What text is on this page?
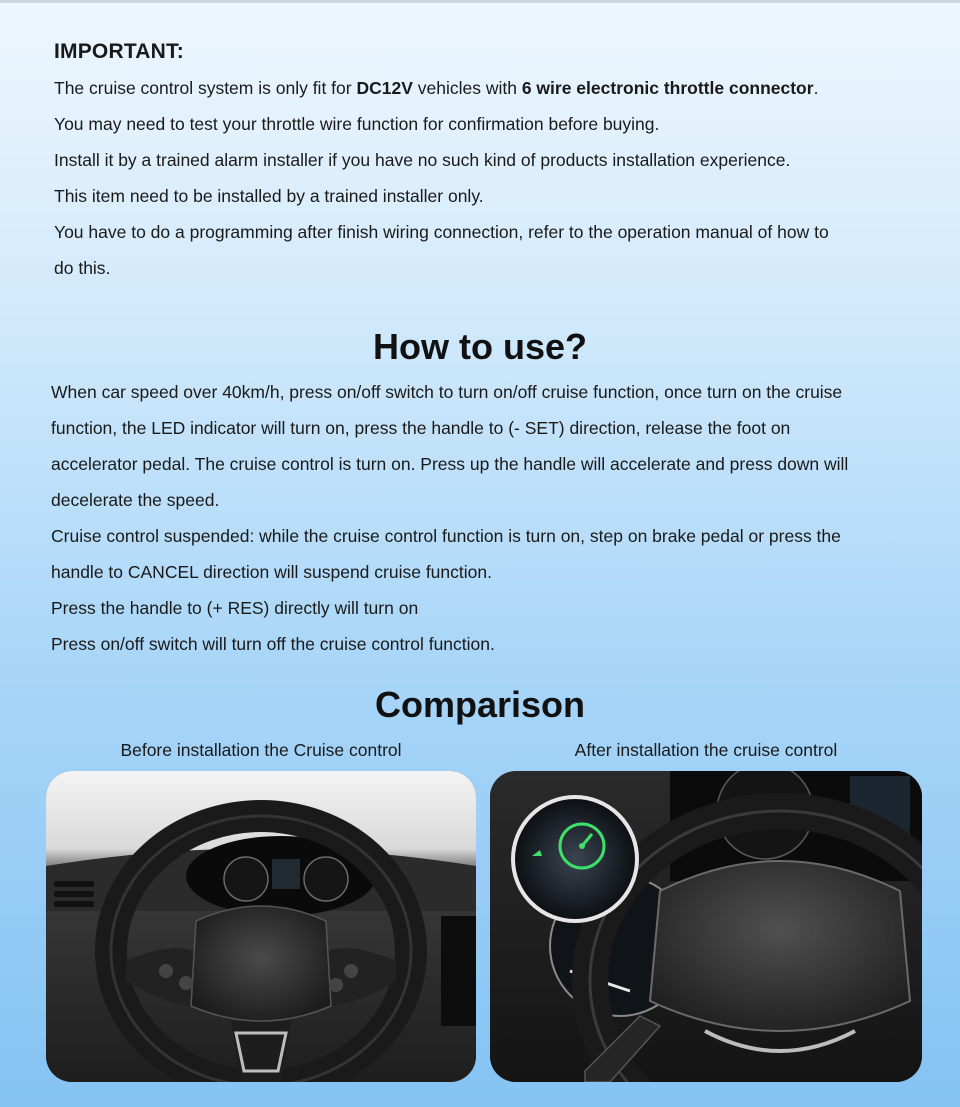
IMPORTANT:

The cruise control system is only fit for DC12V vehicles with 6 wire electronic throttle connector.

You may need to test your throttle wire function for confirmation before buying.

Install it by a trained alarm installer if you have no such kind of products installation experience.

This item need to be installed by a trained installer only.

You have to do a programming after finish wiring connection, refer to the operation manual of how to

do this.

How to use?

When car speed over 40km/h, press on/off switch to turn on/off cruise function, once turn on the cruise

function, the LED indicator will turn on, press the handle to (- SET) direction, release the foot on

accelerator pedal. The cruise control is turn on. Press up the handle will accelerate and press down will

decelerate the speed.

Cruise control suspended: while the cruise control function is turn on, step on brake pedal or press the

handle to CANCEL direction will suspend cruise function.

Press the handle to (+ RES) directly will turn on

Press on/off switch will turn off the cruise control function.

Comparison
Before installation the Cruise control	After installation the cruise control
